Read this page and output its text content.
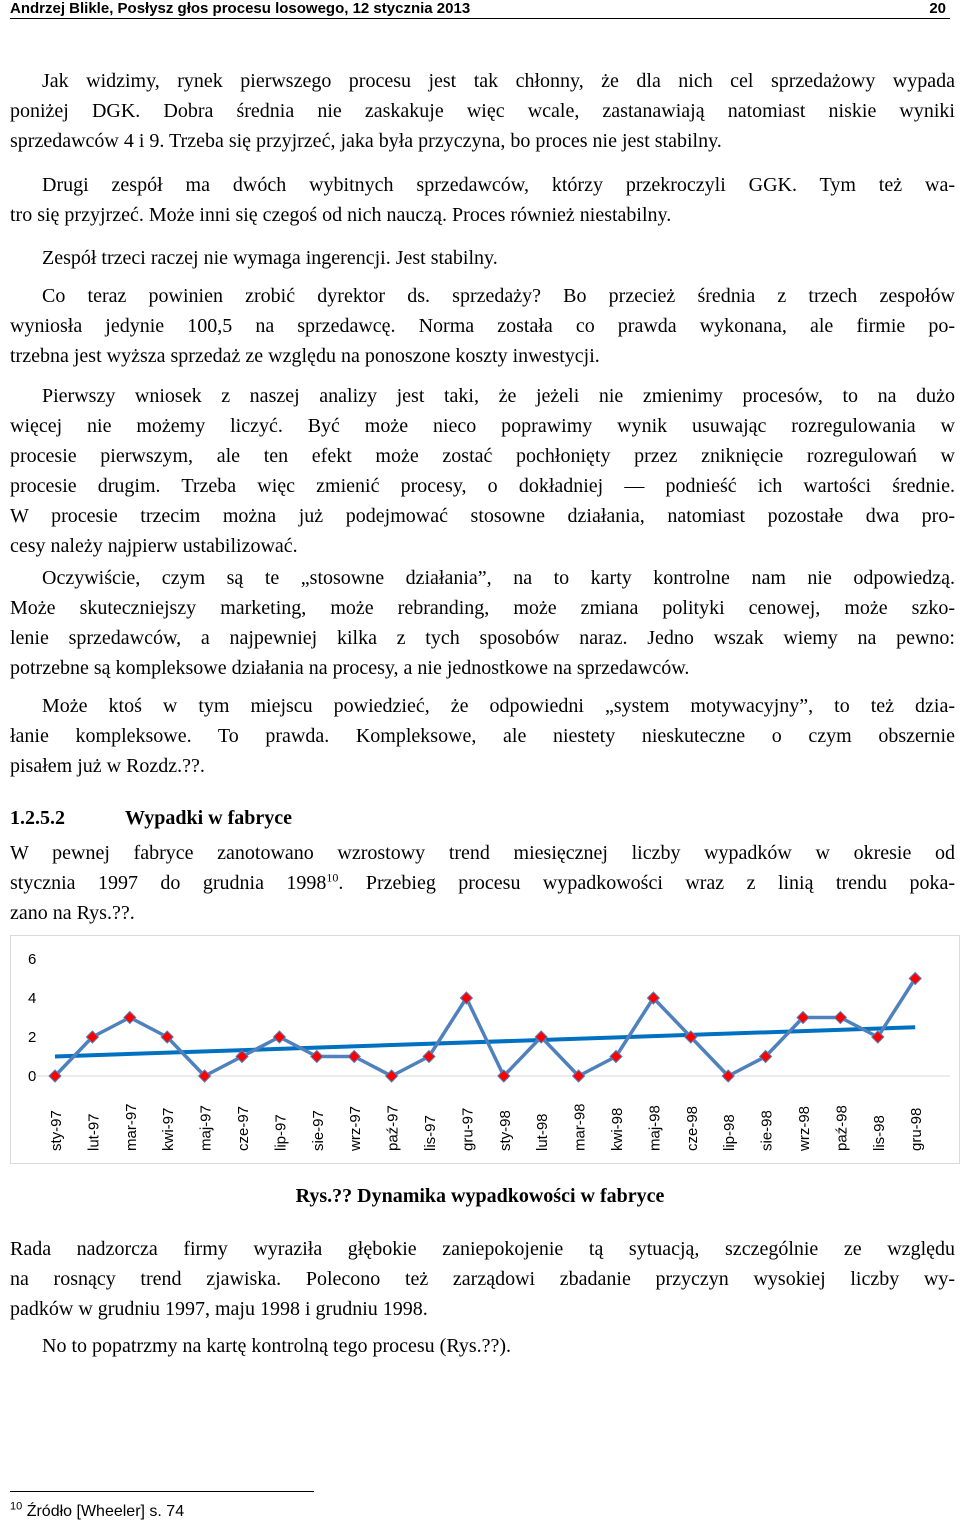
Andrzej Blikle, Posłysz głos procesu losowego, 12 stycznia 2013	20

Jak widzimy, rynek pierwszego procesu jest tak chłonny, że dla nich cel sprzedażowy wypada
poniżej DGK. Dobra średnia nie zaskakuje więc wcale, zastanawiają natomiast niskie wyniki
sprzedawców 4 i 9. Trzeba się przyjrzeć, jaka była przyczyna, bo proces nie jest stabilny.

Drugi zespół ma dwóch wybitnych sprzedawców, którzy przekroczyli GGK. Tym też wa-
tro się przyjrzeć. Może inni się czegoś od nich nauczą. Proces również niestabilny.

Zespół trzeci raczej nie wymaga ingerencji. Jest stabilny.

Co teraz powinien zrobić dyrektor ds. sprzedaży? Bo przecież średnia z trzech zespołów
wyniosła jedynie 100,5 na sprzedawcę. Norma została co prawda wykonana, ale firmie po-
trzebna jest wyższa sprzedaż ze względu na ponoszone koszty inwestycji.

Pierwszy wniosek z naszej analizy jest taki, że jeżeli nie zmienimy procesów, to na dużo
więcej nie możemy liczyć. Być może nieco poprawimy wynik usuwając rozregulowania w
procesie pierwszym, ale ten efekt może zostać pochłonięty przez zniknięcie rozregulowań w
procesie drugim. Trzeba więc zmienić procesy, o dokładniej — podnieść ich wartości średnie.
W procesie trzecim można już podejmować stosowne działania, natomiast pozostałe dwa pro-
cesy należy najpierw ustabilizować.

Oczywiście, czym są te „stosowne działania”, na to karty kontrolne nam nie odpowiedzą.
Może skuteczniejszy marketing, może rebranding, może zmiana polityki cenowej, może szko-
lenie sprzedawców, a najpewniej kilka z tych sposobów naraz. Jedno wszak wiemy na pewno:
potrzebne są kompleksowe działania na procesy, a nie jednostkowe na sprzedawców.

Może ktoś w tym miejscu powiedzieć, że odpowiedni „system motywacyjny”, to też dzia-
łanie kompleksowe. To prawda. Kompleksowe, ale niestety nieskuteczne o czym obszernie
pisałem już w Rozdz.??.

1.2.5.2	Wypadki w fabryce

W pewnej fabryce zanotowano wzrostowy trend miesięcznej liczby wypadków w okresie od
stycznia 1997 do grudnia 1998$^{10}$. Przebieg procesu wypadkowości wraz z linią trendu poka-
zano na Rys.??.

0
2
4
6
sty-97 lut-97 mar-97 kwi-97 maj-97 cze-97 lip-97 sie-97 wrz-97 paź-97 lis-97 gru-97 sty-98 lut-98 mar-98 kwi-98 maj-98 cze-98 lip-98 sie-98 wrz-98 paź-98 lis-98 gru-98
Rys.?? Dynamika wypadkowości w fabryce

Rada nadzorcza firmy wyraziła głębokie zaniepokojenie tą sytuacją, szczególnie ze względu
na rosnący trend zjawiska. Polecono też zarządowi zbadanie przyczyn wysokiej liczby wy-
padków w grudniu 1997, maju 1998 i grudniu 1998.

No to popatrzmy na kartę kontrolną tego procesu (Rys.??).

$^{10}$ Źródło [Wheeler] s. 74
